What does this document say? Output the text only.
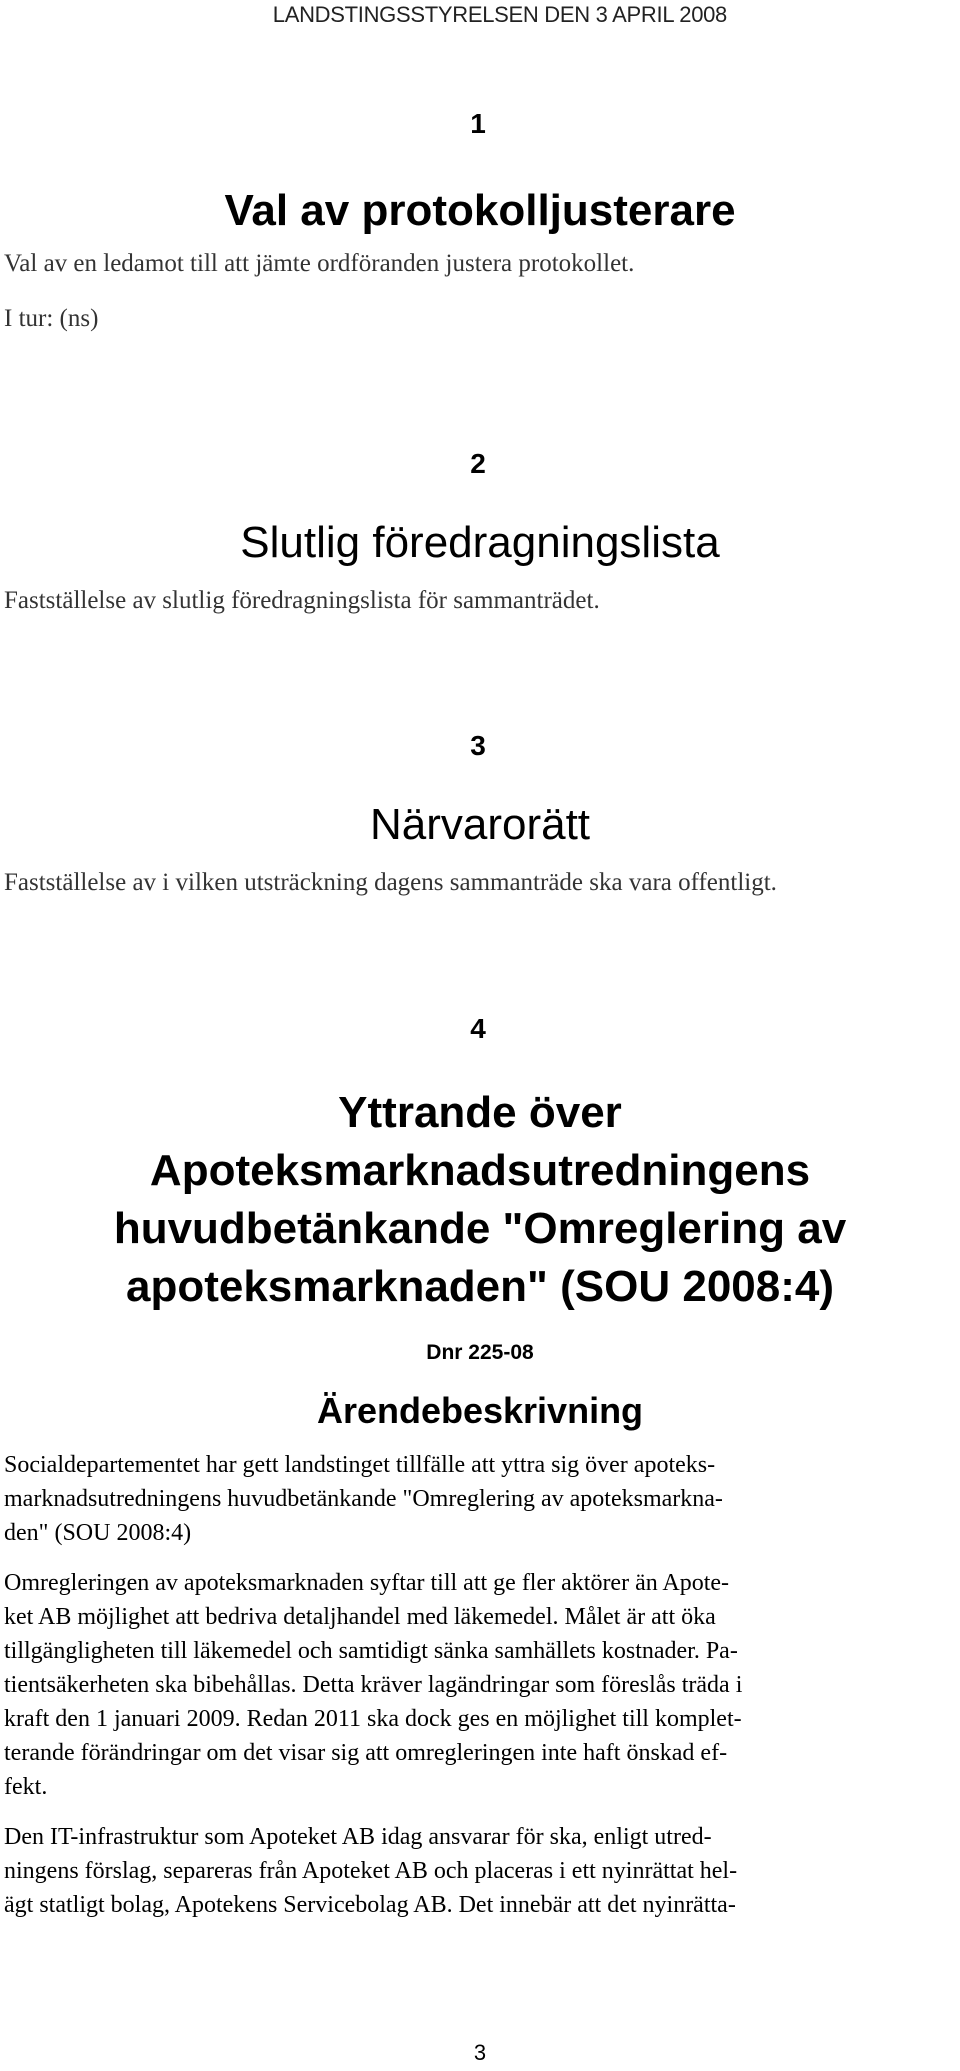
LANDSTINGSSTYRELSEN DEN 3 APRIL 2008
1
Val av protokolljusterare
Val av en ledamot till att jämte ordföranden justera protokollet.
I tur: (ns)
2
Slutlig föredragningslista
Fastställelse av slutlig föredragningslista för sammanträdet.
3
Närvarorätt
Fastställelse av i vilken utsträckning dagens sammanträde ska vara offentligt.
4
Yttrande över
Apoteksmarknadsutredningens
huvudbetänkande "Omreglering av
apoteksmarknaden" (SOU 2008:4)
Dnr 225-08
Ärendebeskrivning
Socialdepartementet har gett landstinget tillfälle att yttra sig över apoteks-
marknadsutredningens huvudbetänkande "Omreglering av apoteksmarkna-
den" (SOU 2008:4)
Omregleringen av apoteksmarknaden syftar till att ge fler aktörer än Apote-
ket AB möjlighet att bedriva detaljhandel med läkemedel. Målet är att öka
tillgängligheten till läkemedel och samtidigt sänka samhällets kostnader. Pa-
tientsäkerheten ska bibehållas. Detta kräver lagändringar som föreslås träda i
kraft den 1 januari 2009. Redan 2011 ska dock ges en möjlighet till komplet-
terande förändringar om det visar sig att omregleringen inte haft önskad ef-
fekt.
Den IT-infrastruktur som Apoteket AB idag ansvarar för ska, enligt utred-
ningens förslag, separeras från Apoteket AB och placeras i ett nyinrättat hel-
ägt statligt bolag, Apotekens Servicebolag AB. Det innebär att det nyinrätta-
3
